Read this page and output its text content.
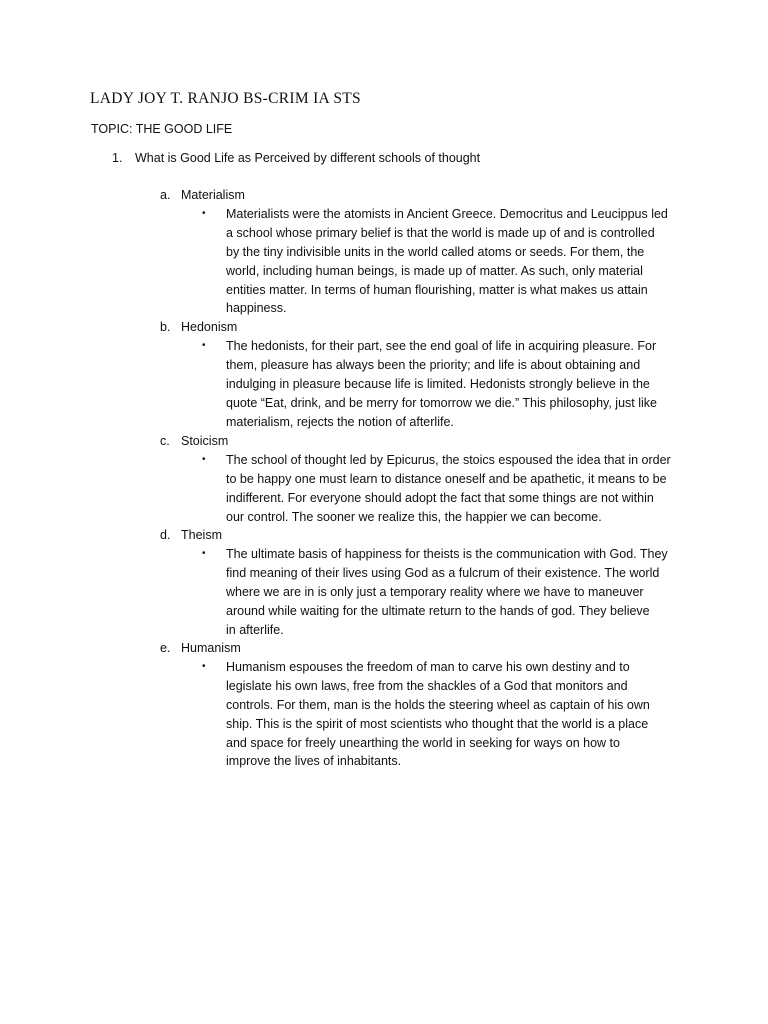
LADY JOY T. RANJO BS-CRIM IA STS
TOPIC: THE GOOD LIFE
1. What is Good Life as Perceived by different schools of thought
a. Materialism
• Materialists were the atomists in Ancient Greece. Democritus and Leucippus led
a school whose primary belief is that the world is made up of and is controlled
by the tiny indivisible units in the world called atoms or seeds. For them, the
world, including human beings, is made up of matter. As such, only material
entities matter. In terms of human flourishing, matter is what makes us attain
happiness.
b. Hedonism
• The hedonists, for their part, see the end goal of life in acquiring pleasure. For
them, pleasure has always been the priority; and life is about obtaining and
indulging in pleasure because life is limited. Hedonists strongly believe in the
quote “Eat, drink, and be merry for tomorrow we die.” This philosophy, just like
materialism, rejects the notion of afterlife.
c. Stoicism
• The school of thought led by Epicurus, the stoics espoused the idea that in order
to be happy one must learn to distance oneself and be apathetic, it means to be
indifferent. For everyone should adopt the fact that some things are not within
our control. The sooner we realize this, the happier we can become.
d. Theism
• The ultimate basis of happiness for theists is the communication with God. They
find meaning of their lives using God as a fulcrum of their existence. The world
where we are in is only just a temporary reality where we have to maneuver
around while waiting for the ultimate return to the hands of god. They believe
in afterlife.
e. Humanism
• Humanism espouses the freedom of man to carve his own destiny and to
legislate his own laws, free from the shackles of a God that monitors and
controls. For them, man is the holds the steering wheel as captain of his own
ship. This is the spirit of most scientists who thought that the world is a place
and space for freely unearthing the world in seeking for ways on how to
improve the lives of inhabitants.
